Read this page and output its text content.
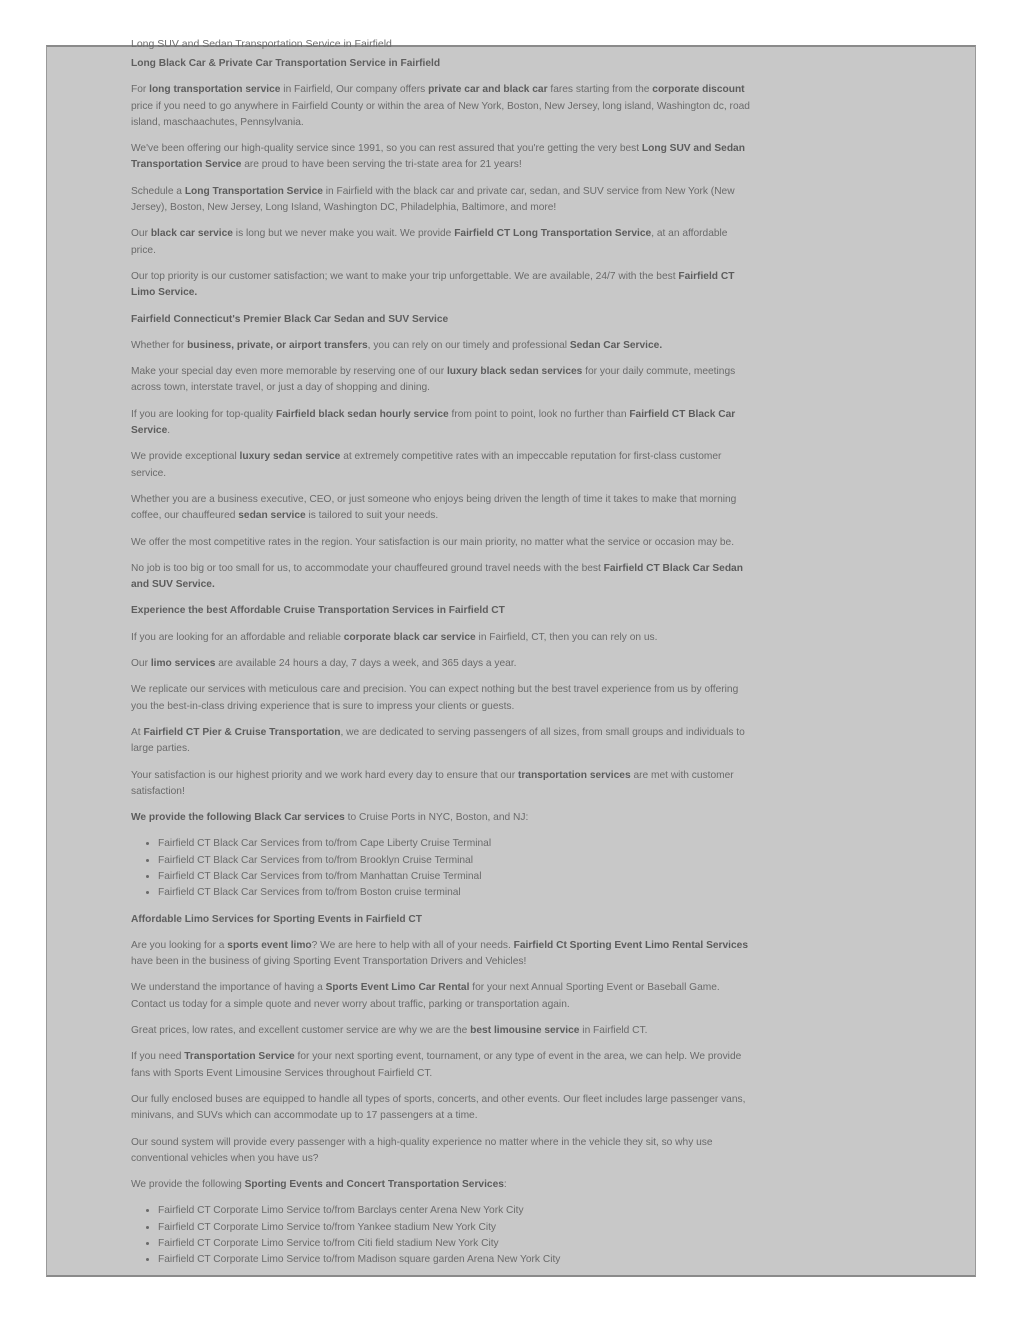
Long SUV and Sedan Transportation Service in Fairfield
Long Black Car & Private Car Transportation Service in Fairfield

For long transportation service in Fairfield, Our company offers private car and black car fares starting from the corporate discount price if you need to go anywhere in Fairfield County or within the area of New York, Boston, New Jersey, long island, Washington dc, road island, maschaachutes, Pennsylvania.

We've been offering our high-quality service since 1991, so you can rest assured that you're getting the very best Long SUV and Sedan Transportation Service are proud to have been serving the tri-state area for 21 years!

Schedule a Long Transportation Service in Fairfield with the black car and private car, sedan, and SUV service from New York (New Jersey), Boston, New Jersey, Long Island, Washington DC, Philadelphia, Baltimore, and more!

Our black car service is long but we never make you wait. We provide Fairfield CT Long Transportation Service, at an affordable price.

Our top priority is our customer satisfaction; we want to make your trip unforgettable. We are available, 24/7 with the best Fairfield CT Limo Service.

Fairfield Connecticut's Premier Black Car Sedan and SUV Service

Whether for business, private, or airport transfers, you can rely on our timely and professional Sedan Car Service.

Make your special day even more memorable by reserving one of our luxury black sedan services for your daily commute, meetings across town, interstate travel, or just a day of shopping and dining.

If you are looking for top-quality Fairfield black sedan hourly service from point to point, look no further than Fairfield CT Black Car Service.

We provide exceptional luxury sedan service at extremely competitive rates with an impeccable reputation for first-class customer service.

Whether you are a business executive, CEO, or just someone who enjoys being driven the length of time it takes to make that morning coffee, our chauffeured sedan service is tailored to suit your needs.

We offer the most competitive rates in the region. Your satisfaction is our main priority, no matter what the service or occasion may be.

No job is too big or too small for us, to accommodate your chauffeured ground travel needs with the best Fairfield CT Black Car Sedan and SUV Service.

Experience the best Affordable Cruise Transportation Services in Fairfield CT

If you are looking for an affordable and reliable corporate black car service in Fairfield, CT, then you can rely on us.

Our limo services are available 24 hours a day, 7 days a week, and 365 days a year.

We replicate our services with meticulous care and precision. You can expect nothing but the best travel experience from us by offering you the best-in-class driving experience that is sure to impress your clients or guests.

At Fairfield CT Pier & Cruise Transportation, we are dedicated to serving passengers of all sizes, from small groups and individuals to large parties.

Your satisfaction is our highest priority and we work hard every day to ensure that our transportation services are met with customer satisfaction!

We provide the following Black Car services to Cruise Ports in NYC, Boston, and NJ:

• Fairfield CT Black Car Services from to/from Cape Liberty Cruise Terminal
• Fairfield CT Black Car Services from to/from Brooklyn Cruise Terminal
• Fairfield CT Black Car Services from to/from Manhattan Cruise Terminal
• Fairfield CT Black Car Services from to/from Boston cruise terminal
Affordable Limo Services for Sporting Events in Fairfield CT

Are you looking for a sports event limo? We are here to help with all of your needs. Fairfield Ct Sporting Event Limo Rental Services have been in the business of giving Sporting Event Transportation Drivers and Vehicles!

We understand the importance of having a Sports Event Limo Car Rental for your next Annual Sporting Event or Baseball Game. Contact us today for a simple quote and never worry about traffic, parking or transportation again.

Great prices, low rates, and excellent customer service are why we are the best limousine service in Fairfield CT.

If you need Transportation Service for your next sporting event, tournament, or any type of event in the area, we can help. We provide fans with Sports Event Limousine Services throughout Fairfield CT.

Our fully enclosed buses are equipped to handle all types of sports, concerts, and other events. Our fleet includes large passenger vans, minivans, and SUVs which can accommodate up to 17 passengers at a time.

Our sound system will provide every passenger with a high-quality experience no matter where in the vehicle they sit, so why use conventional vehicles when you have us?

We provide the following Sporting Events and Concert Transportation Services:

• Fairfield CT Corporate Limo Service to/from Barclays center Arena New York City
• Fairfield CT Corporate Limo Service to/from Yankee stadium New York City
• Fairfield CT Corporate Limo Service to/from Citi field stadium New York City
• Fairfield CT Corporate Limo Service to/from Madison square garden Arena New York City
